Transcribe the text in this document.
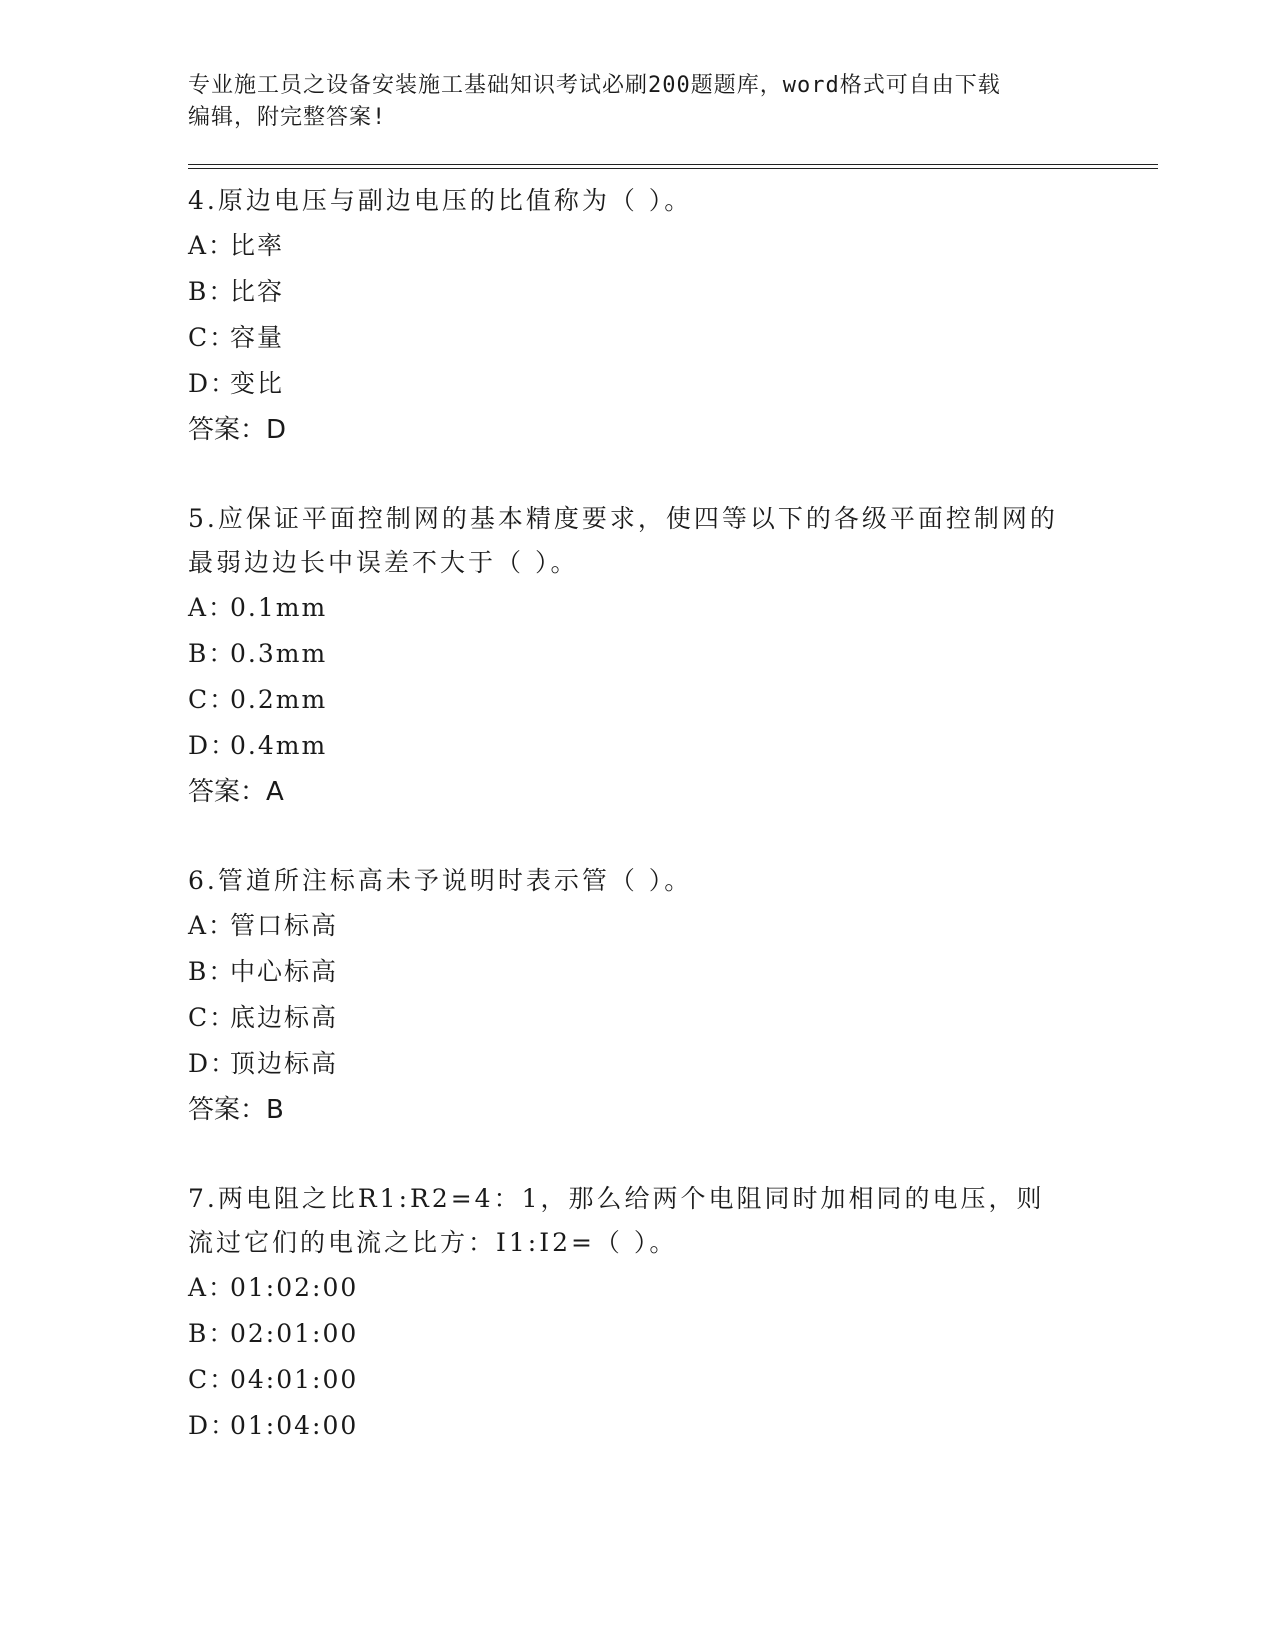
专业施工员之设备安装施工基础知识考试必刷200题题库，word格式可自由下载
编辑，附完整答案!

4.原边电压与副边电压的比值称为（ ）。

A：比率

B：比容

C：容量

D：变比

答案：D

5.应保证平面控制网的基本精度要求，使四等以下的各级平面控制网的最弱边边长中误差不大于（ ）。

A：0.1mm

B：0.3mm

C：0.2mm

D：0.4mm

答案：A

6.管道所注标高未予说明时表示管（ ）。

A：管口标高

B：中心标高

C：底边标高

D：顶边标高

答案：B

7.两电阻之比R1:R2=4：1，那么给两个电阻同时加相同的电压，则流过它们的电流之比方：I1:I2=（ ）。

A：01:02:00

B：02:01:00

C：04:01:00

D：01:04:00
